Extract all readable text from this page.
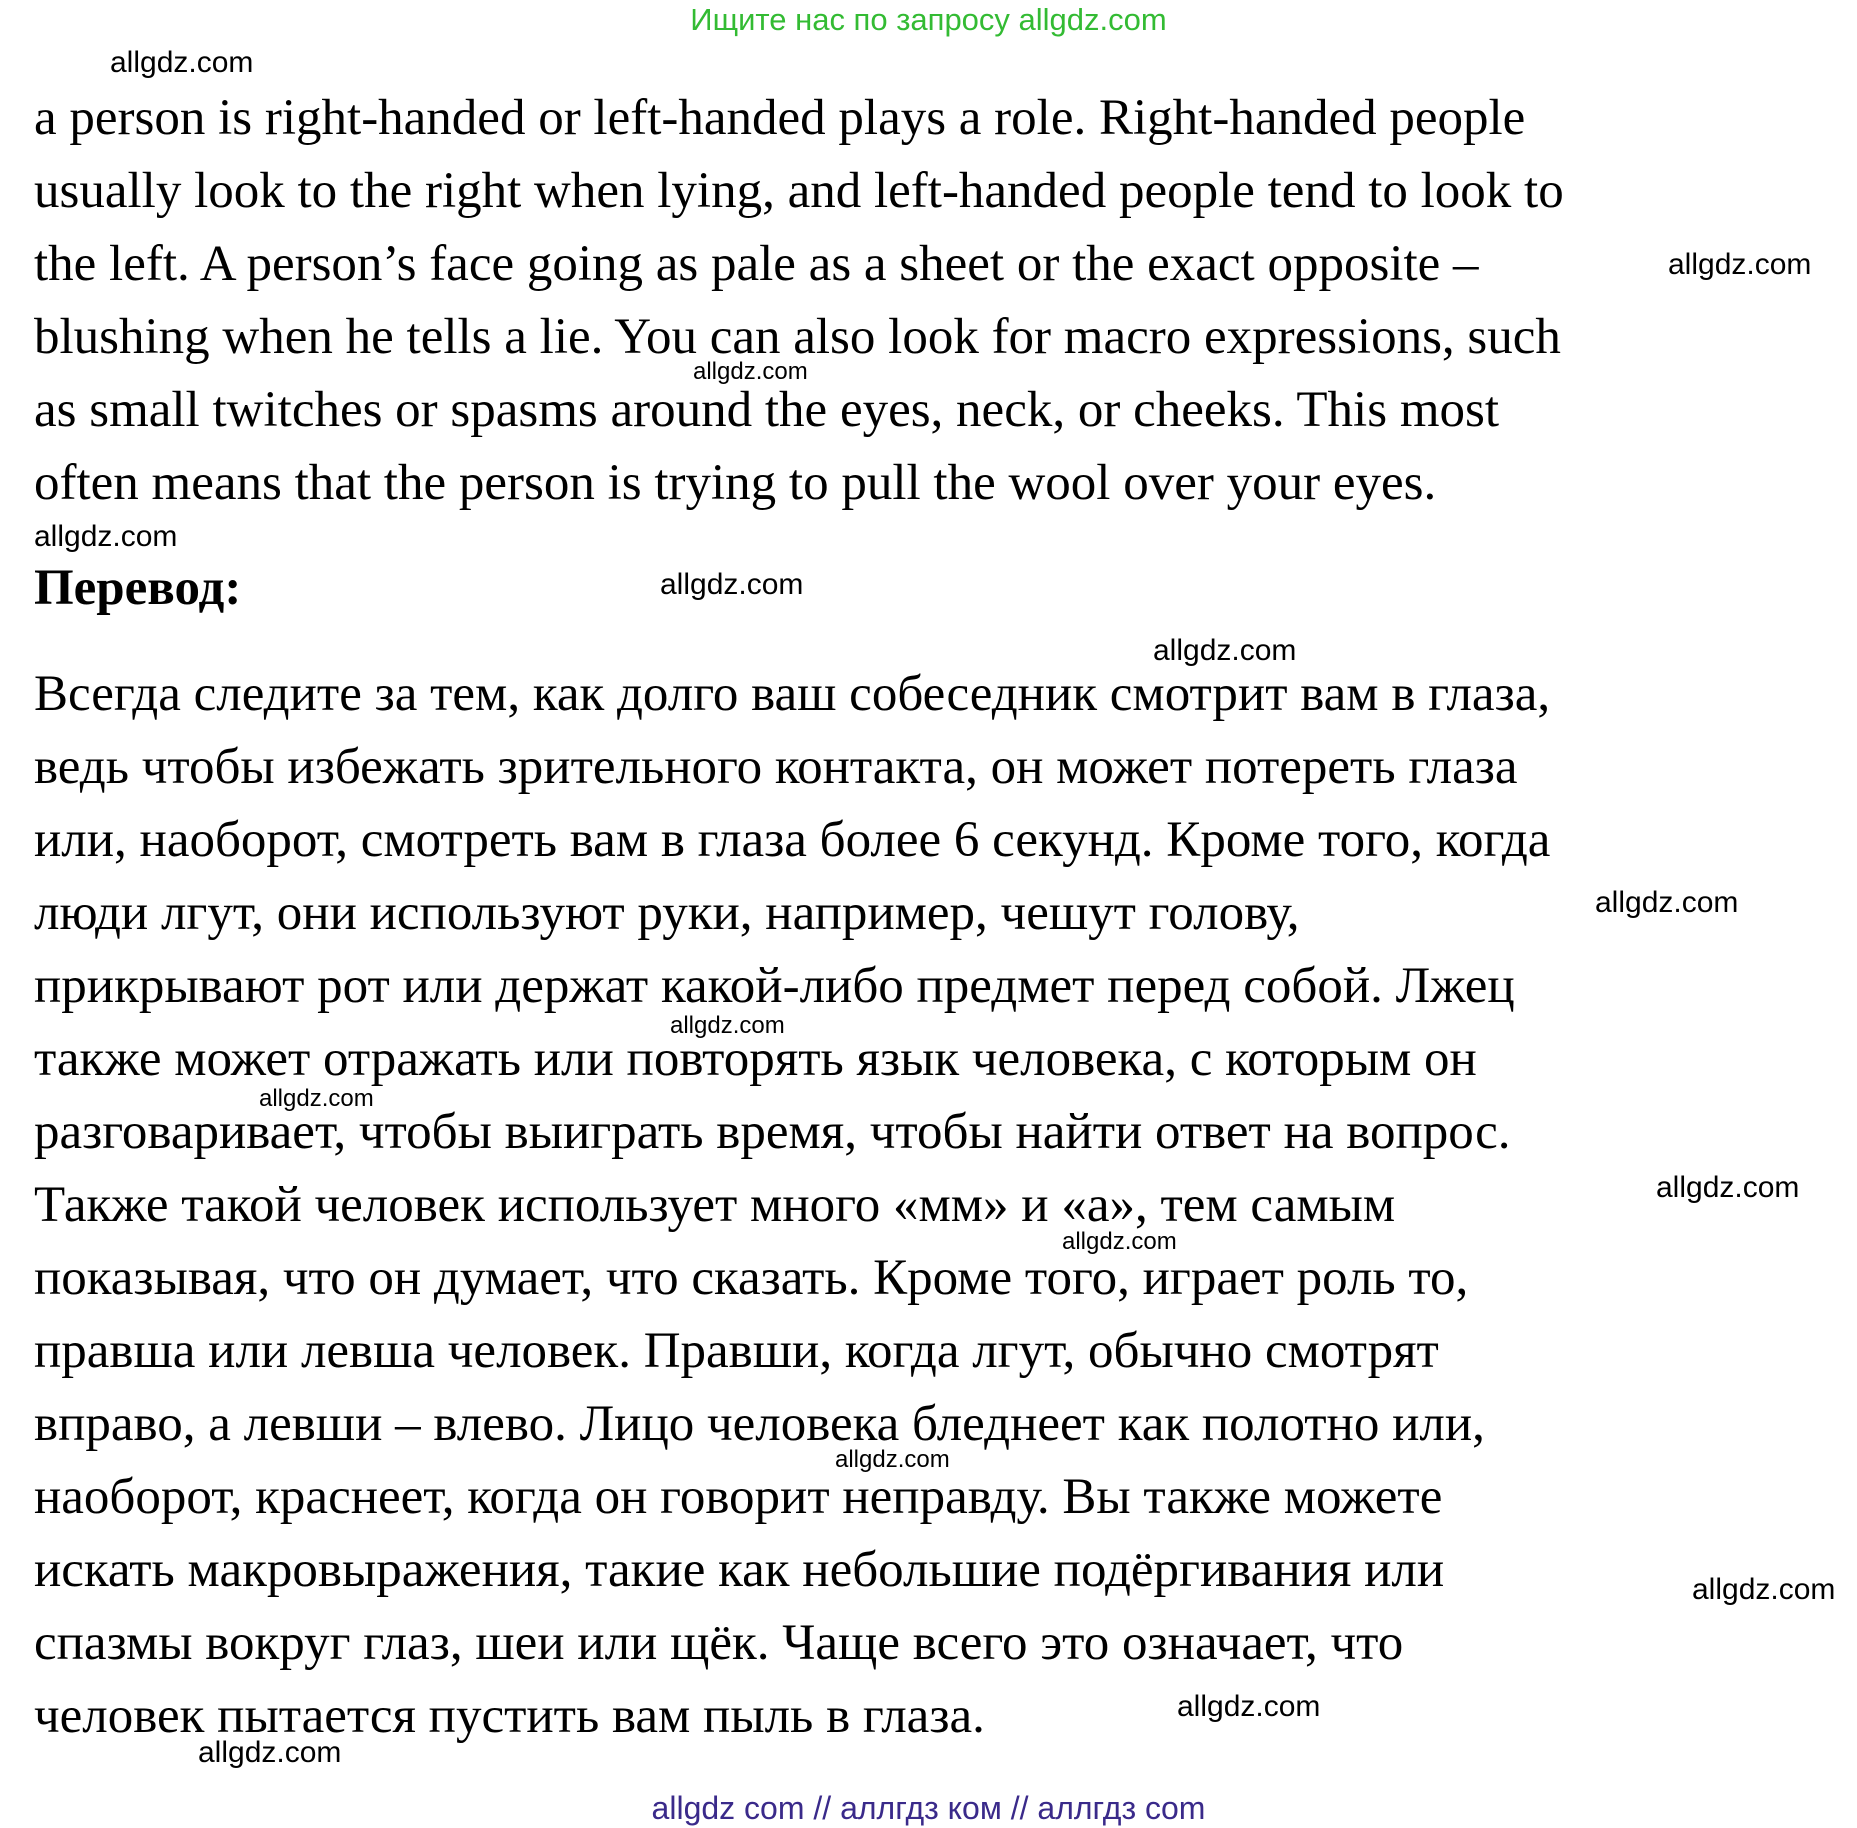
Ищите нас по запросу allgdz.com
a person is right-handed or left-handed plays a role. Right-handed people
usually look to the right when lying, and left-handed people tend to look to
the left. A person’s face going as pale as a sheet or the exact opposite –
blushing when he tells a lie. You can also look for macro expressions, such
as small twitches or spasms around the eyes, neck, or cheeks. This most
often means that the person is trying to pull the wool over your eyes.
Перевод:
Всегда следите за тем, как долго ваш собеседник смотрит вам в глаза,
ведь чтобы избежать зрительного контакта, он может потереть глаза
или, наоборот, смотреть вам в глаза более 6 секунд. Кроме того, когда
люди лгут, они используют руки, например, чешут голову,
прикрывают рот или держат какой-либо предмет перед собой. Лжец
также может отражать или повторять язык человека, с которым он
разговаривает, чтобы выиграть время, чтобы найти ответ на вопрос.
Также такой человек использует много «мм» и «а», тем самым
показывая, что он думает, что сказать. Кроме того, играет роль то,
правша или левша человек. Правши, когда лгут, обычно смотрят
вправо, а левши – влево. Лицо человека бледнеет как полотно или,
наоборот, краснеет, когда он говорит неправду. Вы также можете
искать макровыражения, такие как небольшие подёргивания или
спазмы вокруг глаз, шеи или щёк. Чаще всего это означает, что
человек пытается пустить вам пыль в глаза.
allgdz.com
allgdz.com
allgdz.com
allgdz.com
allgdz.com
allgdz.com
allgdz.com
allgdz.com
allgdz.com
allgdz.com
allgdz.com
allgdz.com
allgdz.com
allgdz.com
allgdz.com
allgdz com // аллгдз ком // аллгдз com
